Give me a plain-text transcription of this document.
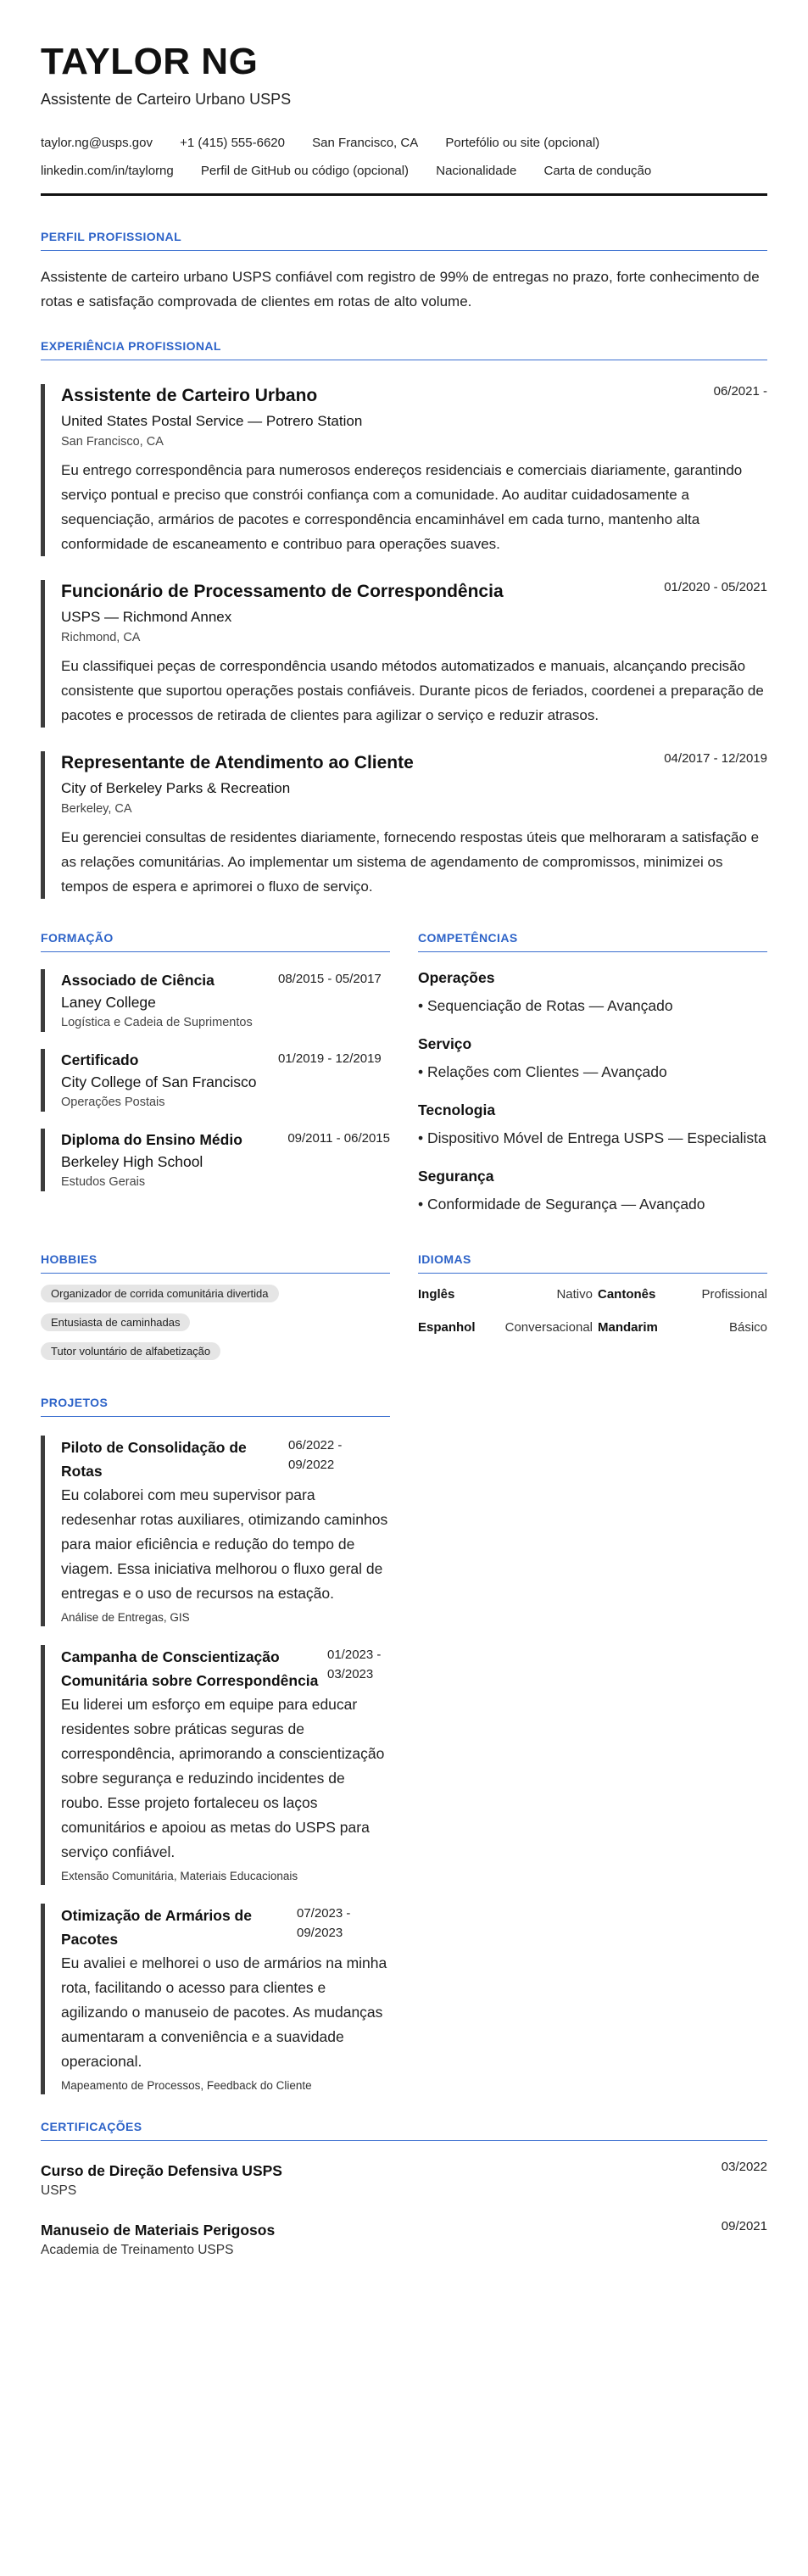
TAYLOR NG
Assistente de Carteiro Urbano USPS
taylor.ng@usps.gov +1 (415) 555-6620 San Francisco, CA Portefólio ou site (opcional)
linkedin.com/in/taylorng Perfil de GitHub ou código (opcional) Nacionalidade Carta de condução
PERFIL PROFISSIONAL
Assistente de carteiro urbano USPS confiável com registro de 99% de entregas no prazo, forte conhecimento de rotas e satisfação comprovada de clientes em rotas de alto volume.
EXPERIÊNCIA PROFISSIONAL
Assistente de Carteiro Urbano	06/2021 -
United States Postal Service — Potrero Station
San Francisco, CA
Eu entrego correspondência para numerosos endereços residenciais e comerciais diariamente, garantindo serviço pontual e preciso que constrói confiança com a comunidade. Ao auditar cuidadosamente a sequenciação, armários de pacotes e correspondência encaminhável em cada turno, mantenho alta conformidade de escaneamento e contribuo para operações suaves.
Funcionário de Processamento de Correspondência	01/2020 - 05/2021
USPS — Richmond Annex
Richmond, CA
Eu classifiquei peças de correspondência usando métodos automatizados e manuais, alcançando precisão consistente que suportou operações postais confiáveis. Durante picos de feriados, coordenei a preparação de pacotes e processos de retirada de clientes para agilizar o serviço e reduzir atrasos.
Representante de Atendimento ao Cliente	04/2017 - 12/2019
City of Berkeley Parks & Recreation
Berkeley, CA
Eu gerenciei consultas de residentes diariamente, fornecendo respostas úteis que melhoraram a satisfação e as relações comunitárias. Ao implementar um sistema de agendamento de compromissos, minimizei os tempos de espera e aprimorei o fluxo de serviço.
FORMAÇÃO
Associado de Ciência	08/2015 - 05/2017
Laney College
Logística e Cadeia de Suprimentos
Certificado	01/2019 - 12/2019
City College of San Francisco
Operações Postais
Diploma do Ensino Médio	09/2011 - 06/2015
Berkeley High School
Estudos Gerais
COMPETÊNCIAS
Operações
• Sequenciação de Rotas — Avançado
Serviço
• Relações com Clientes — Avançado
Tecnologia
• Dispositivo Móvel de Entrega USPS — Especialista
Segurança
• Conformidade de Segurança — Avançado
HOBBIES
Organizador de corrida comunitária divertida
Entusiasta de caminhadas
Tutor voluntário de alfabetização
IDIOMAS
Inglês	Nativo Cantonês	Profissional
Espanhol	Conversacional Mandarim	Básico
PROJETOS
Piloto de Consolidação de Rotas
06/2022 - 09/2022
Eu colaborei com meu supervisor para redesenhar rotas auxiliares, otimizando caminhos para maior eficiência e redução do tempo de viagem. Essa iniciativa melhorou o fluxo geral de entregas e o uso de recursos na estação.
Análise de Entregas, GIS
Campanha de Conscientização Comunitária sobre Correspondência
01/2023 - 03/2023
Eu liderei um esforço em equipe para educar residentes sobre práticas seguras de correspondência, aprimorando a conscientização sobre segurança e reduzindo incidentes de roubo. Esse projeto fortaleceu os laços comunitários e apoiou as metas do USPS para serviço confiável.
Extensão Comunitária, Materiais Educacionais
Otimização de Armários de Pacotes
07/2023 - 09/2023
Eu avaliei e melhorei o uso de armários na minha rota, facilitando o acesso para clientes e agilizando o manuseio de pacotes. As mudanças aumentaram a conveniência e a suavidade operacional.
Mapeamento de Processos, Feedback do Cliente
CERTIFICAÇÕES
Curso de Direção Defensiva USPS
USPS
03/2022
Manuseio de Materiais Perigosos
Academia de Treinamento USPS
09/2021
